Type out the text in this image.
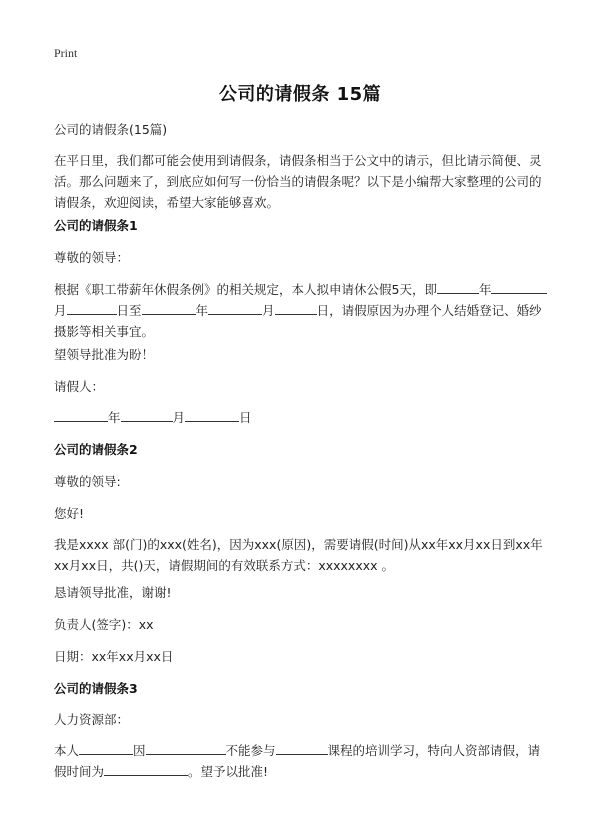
Print
公司的请假条 15篇
公司的请假条(15篇)
在平日里，我们都可能会使用到请假条，请假条相当于公文中的请示，但比请示简便、灵活。那么问题来了，到底应如何写一份恰当的请假条呢？以下是小编帮大家整理的公司的请假条，欢迎阅读，希望大家能够喜欢。
公司的请假条1
尊敬的领导：
根据《职工带薪年休假条例》的相关规定，本人拟申请休公假5天，即	年月	日至	年	月	日，请假原因为办理个人结婚登记、婚纱摄影等相关事宜。
望领导批准为盼！
请假人：
年	月	日
公司的请假条2
尊敬的领导:
您好!
我是xxxx 部(门)的xxx(姓名)，因为xxx(原因)，需要请假(时间)从xx年xx月xx日到xx年xx月xx日，共()天，请假期间的有效联系方式：xxxxxxxx 。
恳请领导批准，谢谢!
负责人(签字)：xx
日期：xx年xx月xx日
公司的请假条3
人力资源部：
本人	因	不能参与	课程的培训学习，特向人资部请假，请假时间为	。望予以批准!
